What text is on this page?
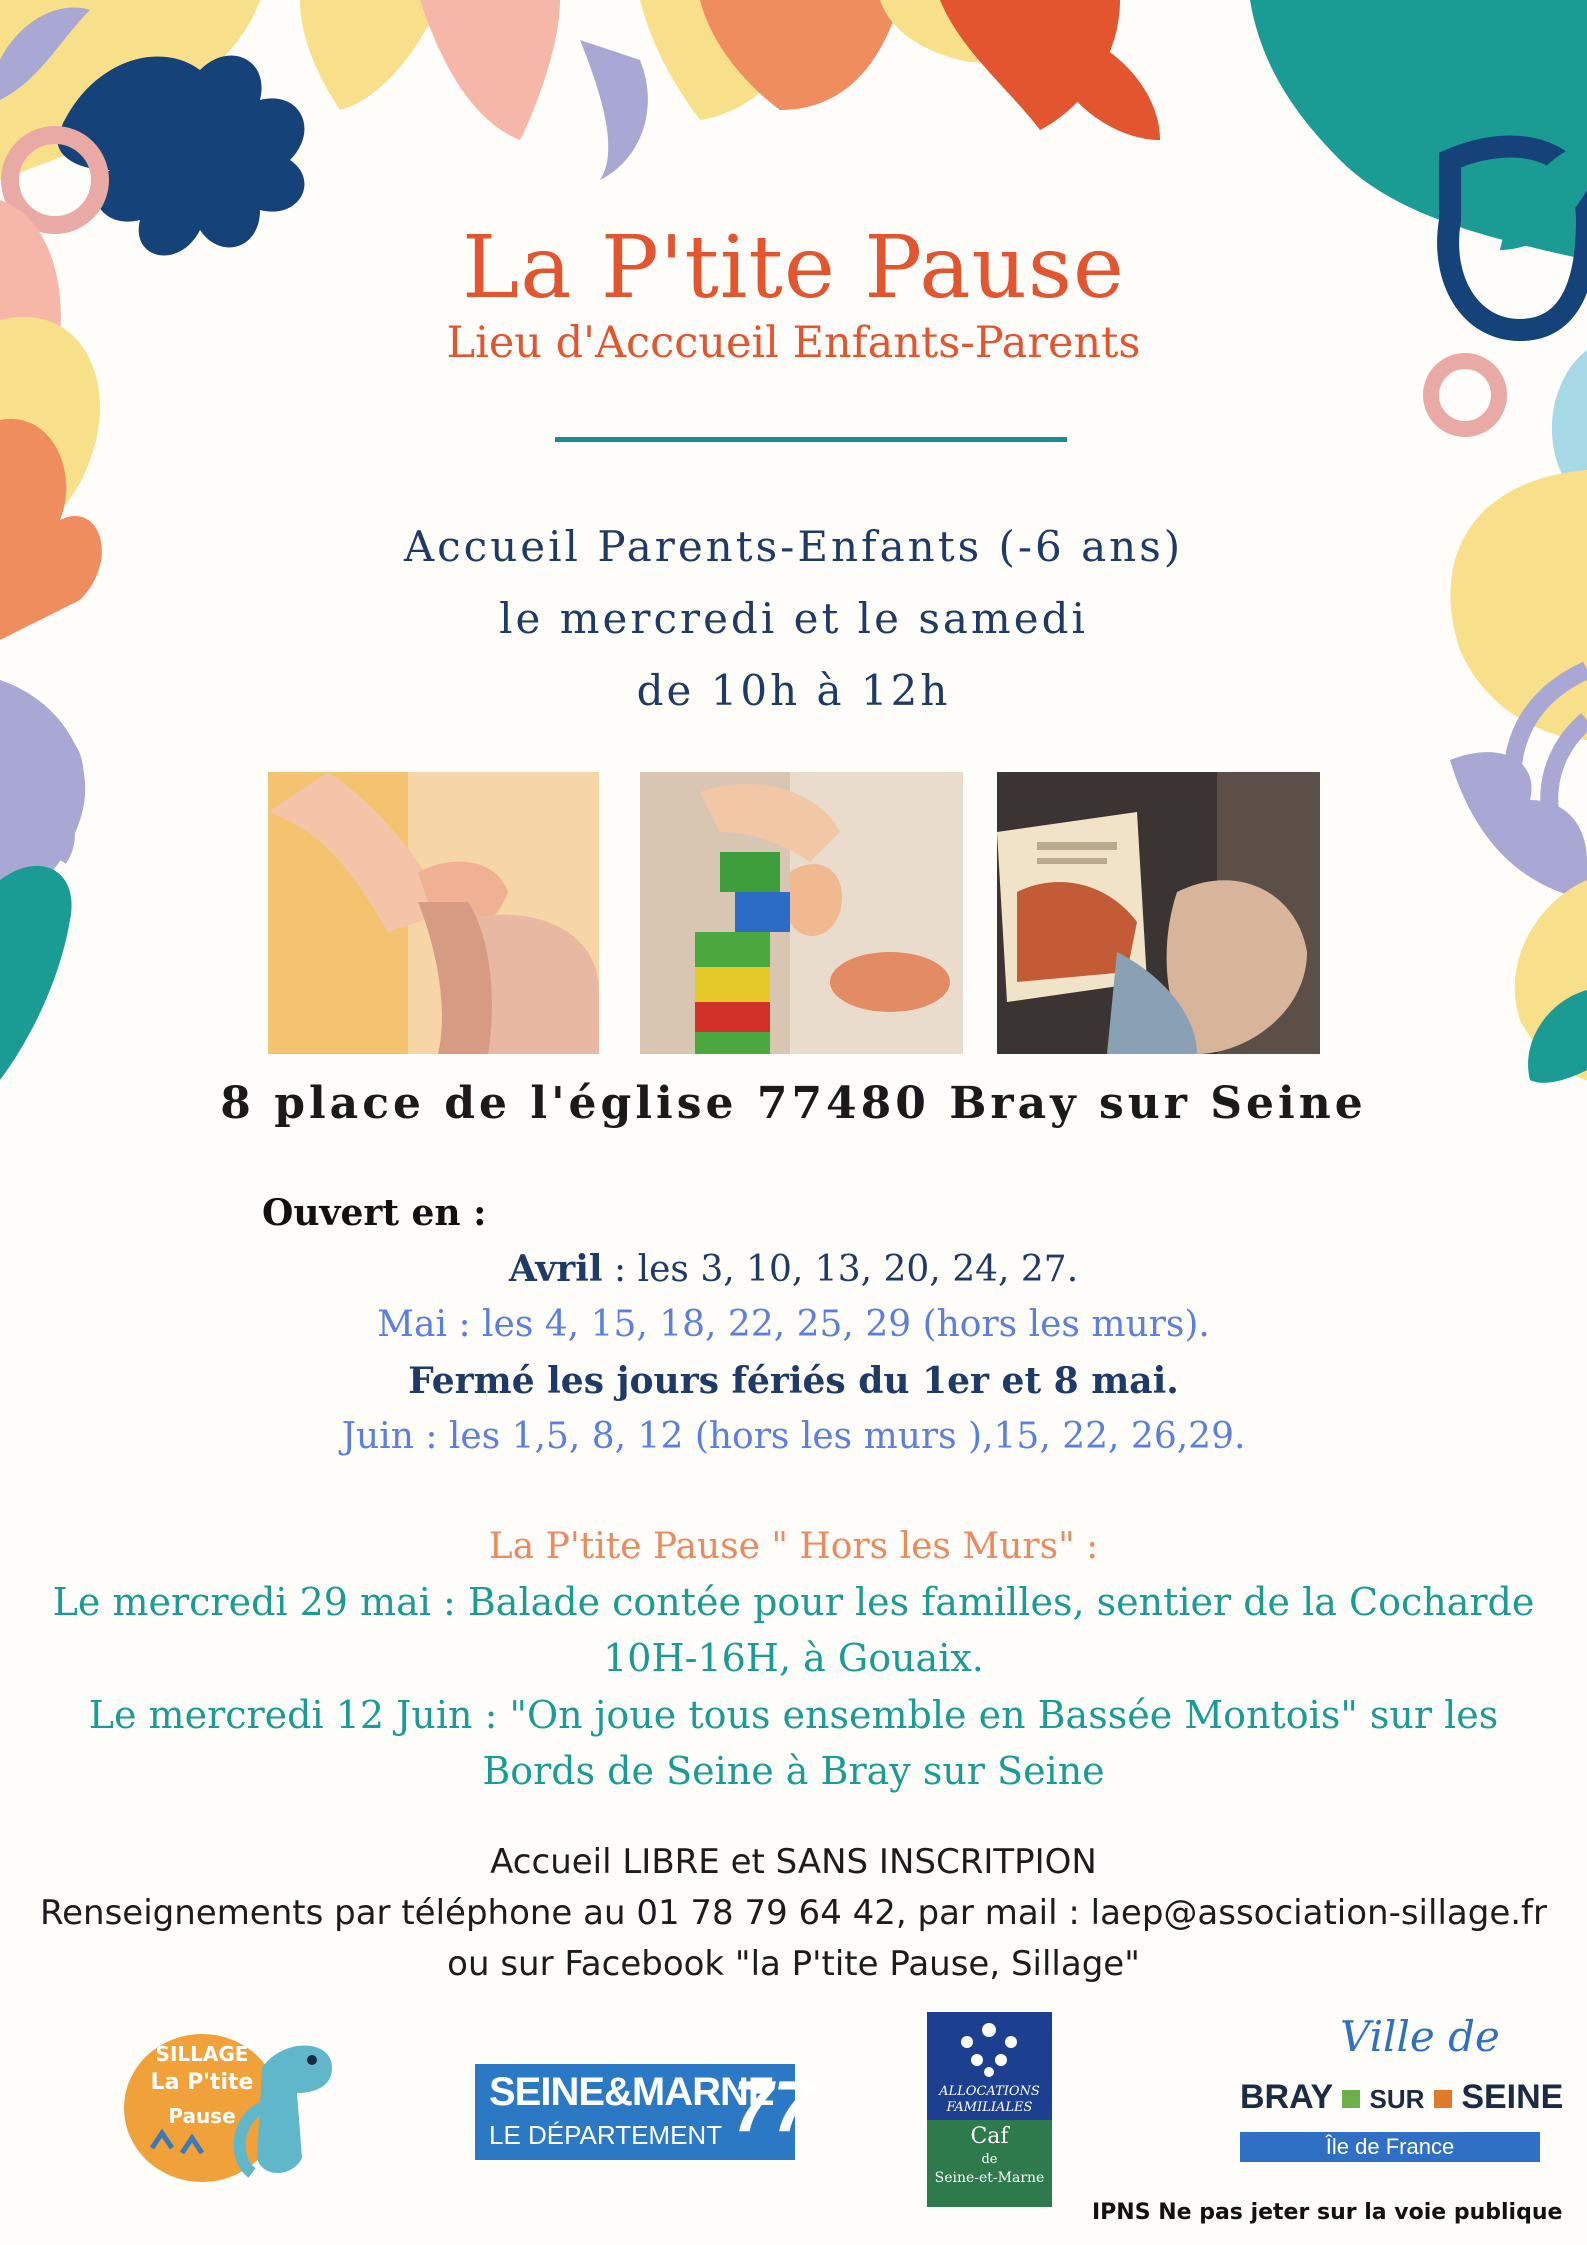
La P'tite Pause
Lieu d'Acccueil Enfants-Parents
Accueil Parents-Enfants (-6 ans)
le mercredi et le samedi
de 10h à 12h
8 place de l'église 77480 Bray sur Seine
Ouvert en :
Avril : les 3, 10, 13, 20, 24, 27.
Mai : les 4, 15, 18, 22, 25, 29 (hors les murs).
Fermé les jours fériés du 1er et 8 mai.
Juin : les 1,5, 8, 12 (hors les murs ),15, 22, 26,29.
La P'tite Pause " Hors les Murs" :
Le mercredi 29 mai : Balade contée pour les familles, sentier de la Cocharde
10H-16H, à Gouaix.
Le mercredi 12 Juin : "On joue tous ensemble en Bassée Montois" sur les
Bords de Seine à Bray sur Seine
Accueil LIBRE et SANS INSCRITPION
Renseignements par téléphone au 01 78 79 64 42, par mail : laep@association-sillage.fr
ou sur Facebook "la P'tite Pause, Sillage"
SILLAGE
La P'tite
Pause
SEINE&MARNE
LE DÉPARTEMENT 77	ALLOCATIONS
FAMILIALES
Caf
de
Seine-et-Marne
Ville de
BRAY SUR SEINE
Île de France
IPNS Ne pas jeter sur la voie publique
